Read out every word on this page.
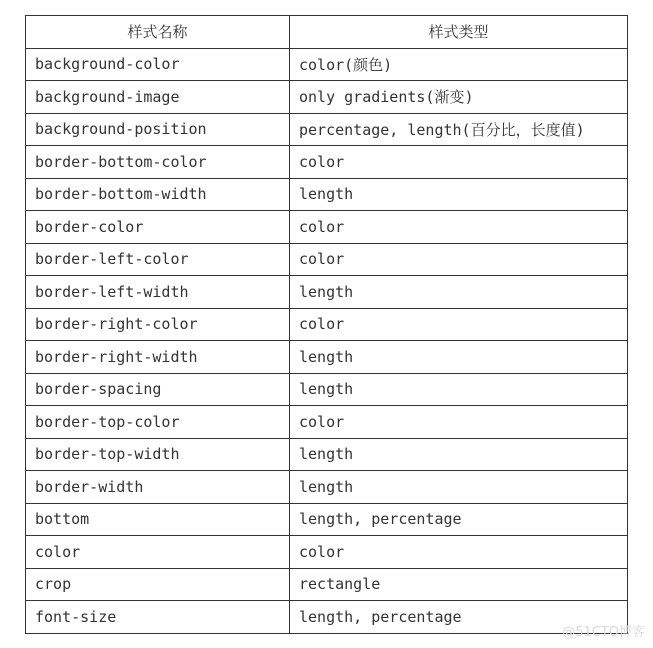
样式名称	样式类型
background-color	color(颜色)
background-image	only gradients(渐变)
background-position	percentage, length(百分比，长度值)
border-bottom-color	color
border-bottom-width	length
border-color	color
border-left-color	color
border-left-width	length
border-right-color	color
border-right-width	length
border-spacing	length
border-top-color	color
border-top-width	length
border-width	length
bottom	length, percentage
color	color
crop	rectangle
font-size	length, percentage
@51CTO博客
